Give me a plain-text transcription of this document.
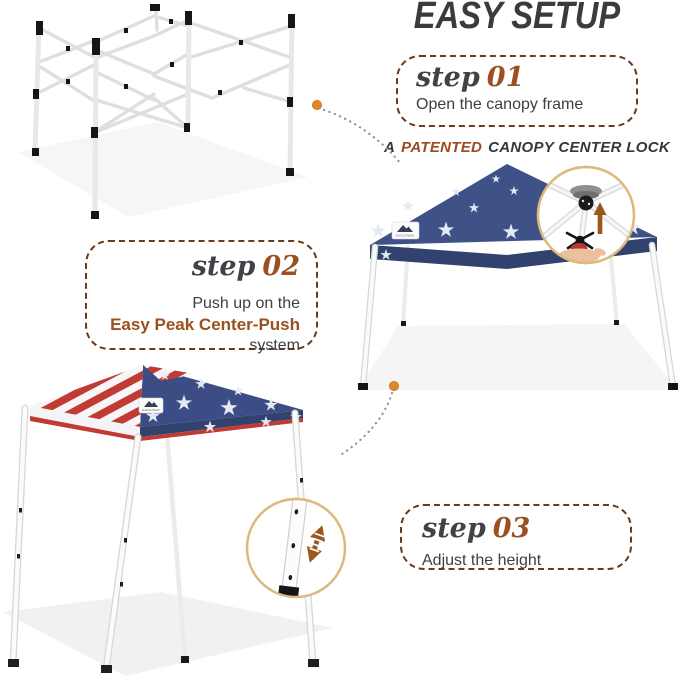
EASY SETUP
step 01
Open the canopy frame
A PATENTED CANOPY CENTER LOCK
EAGLE PEAK
step 02
Push up on the
Easy Peak Center-Push
system
EAGLE PEAK
step 03
Adjust the height
